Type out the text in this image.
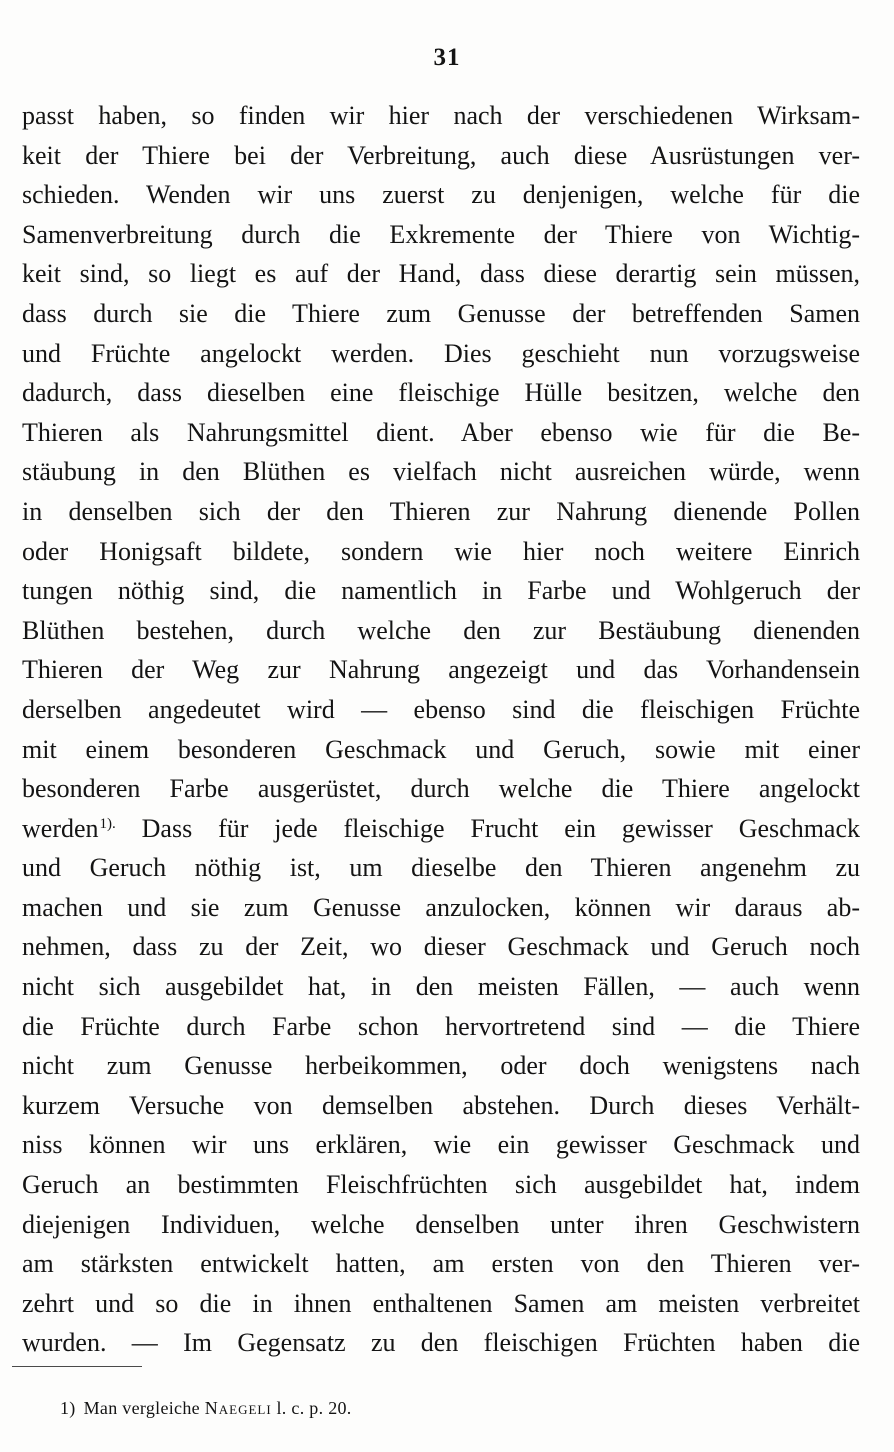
31
passt haben, so finden wir hier nach der verschiedenen Wirksam-
keit der Thiere bei der Verbreitung, auch diese Ausrüstungen ver-
schieden. Wenden wir uns zuerst zu denjenigen, welche für die
Samenverbreitung durch die Exkremente der Thiere von Wichtig-
keit sind, so liegt es auf der Hand, dass diese derartig sein müssen,
dass durch sie die Thiere zum Genusse der betreffenden Samen
und Früchte angelockt werden. Dies geschieht nun vorzugsweise
dadurch, dass dieselben eine fleischige Hülle besitzen, welche den
Thieren als Nahrungsmittel dient. Aber ebenso wie für die Be-
stäubung in den Blüthen es vielfach nicht ausreichen würde, wenn
in denselben sich der den Thieren zur Nahrung dienende Pollen
oder Honigsaft bildete, sondern wie hier noch weitere Einrich
tungen nöthig sind, die namentlich in Farbe und Wohlgeruch der
Blüthen bestehen, durch welche den zur Bestäubung dienenden
Thieren der Weg zur Nahrung angezeigt und das Vorhandensein
derselben angedeutet wird — ebenso sind die fleischigen Früchte
mit einem besonderen Geschmack und Geruch, sowie mit einer
besonderen Farbe ausgerüstet, durch welche die Thiere angelockt
werden$^{1).}$ Dass für jede fleischige Frucht ein gewisser Geschmack
und Geruch nöthig ist, um dieselbe den Thieren angenehm zu
machen und sie zum Genusse anzulocken, können wir daraus ab-
nehmen, dass zu der Zeit, wo dieser Geschmack und Geruch noch
nicht sich ausgebildet hat, in den meisten Fällen, — auch wenn
die Früchte durch Farbe schon hervortretend sind — die Thiere
nicht zum Genusse herbeikommen, oder doch wenigstens nach
kurzem Versuche von demselben abstehen. Durch dieses Verhält-
niss können wir uns erklären, wie ein gewisser Geschmack und
Geruch an bestimmten Fleischfrüchten sich ausgebildet hat, indem
diejenigen Individuen, welche denselben unter ihren Geschwistern
am stärksten entwickelt hatten, am ersten von den Thieren ver-
zehrt und so die in ihnen enthaltenen Samen am meisten verbreitet
wurden. — Im Gegensatz zu den fleischigen Früchten haben die
1) Man vergleiche Naegeli l. c. p. 20.
